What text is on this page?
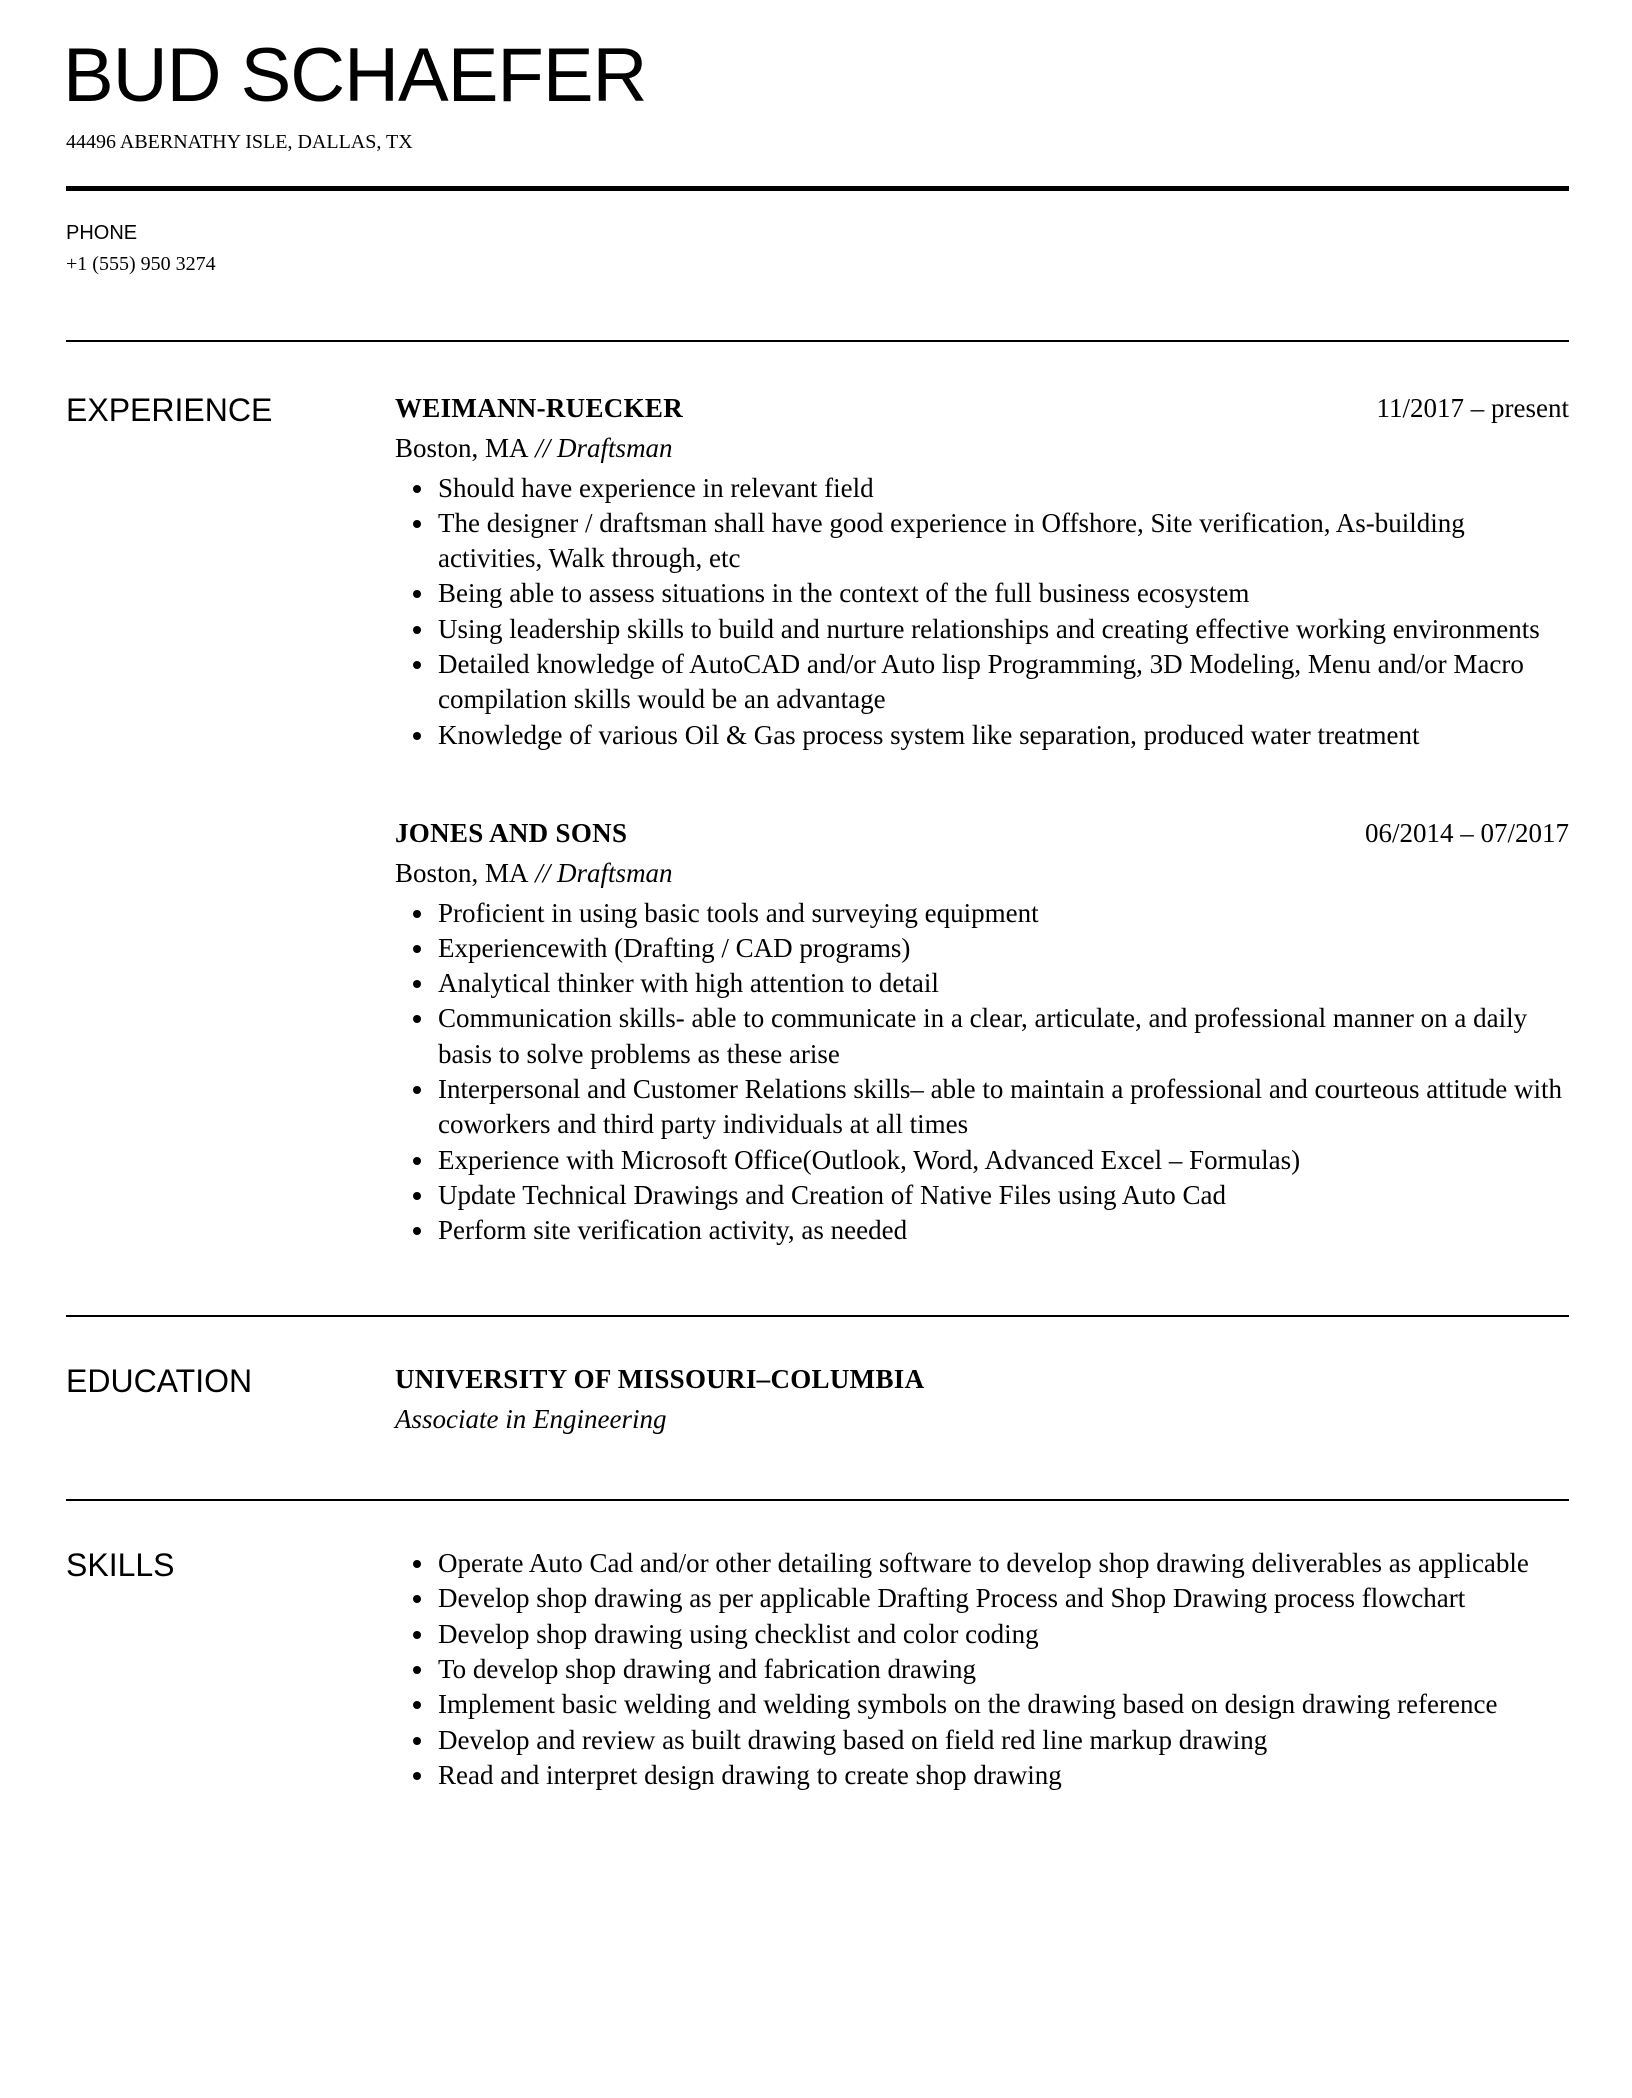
BUD SCHAEFER
44496 ABERNATHY ISLE, DALLAS, TX
PHONE
+1 (555) 950 3274
EXPERIENCE	WEIMANN-RUECKER	11/2017 – present
Boston, MA // Draftsman
Should have experience in relevant field
The designer / draftsman shall have good experience in Offshore, Site verification, As-building activities, Walk through, etc
Being able to assess situations in the context of the full business ecosystem
Using leadership skills to build and nurture relationships and creating effective working environments
Detailed knowledge of AutoCAD and/or Auto lisp Programming, 3D Modeling, Menu and/or Macro compilation skills would be an advantage
Knowledge of various Oil & Gas process system like separation, produced water treatment
JONES AND SONS	06/2014 – 07/2017
Boston, MA // Draftsman
Proficient in using basic tools and surveying equipment
Experiencewith (Drafting / CAD programs)
Analytical thinker with high attention to detail
Communication skills- able to communicate in a clear, articulate, and professional manner on a daily basis to solve problems as these arise
Interpersonal and Customer Relations skills– able to maintain a professional and courteous attitude with coworkers and third party individuals at all times
Experience with Microsoft Office(Outlook, Word, Advanced Excel – Formulas)
Update Technical Drawings and Creation of Native Files using Auto Cad
Perform site verification activity, as needed
EDUCATION	UNIVERSITY OF MISSOURI–COLUMBIA
Associate in Engineering
SKILLS	Operate Auto Cad and/or other detailing software to develop shop drawing deliverables as applicable
Develop shop drawing as per applicable Drafting Process and Shop Drawing process flowchart
Develop shop drawing using checklist and color coding
To develop shop drawing and fabrication drawing
Implement basic welding and welding symbols on the drawing based on design drawing reference
Develop and review as built drawing based on field red line markup drawing
Read and interpret design drawing to create shop drawing
